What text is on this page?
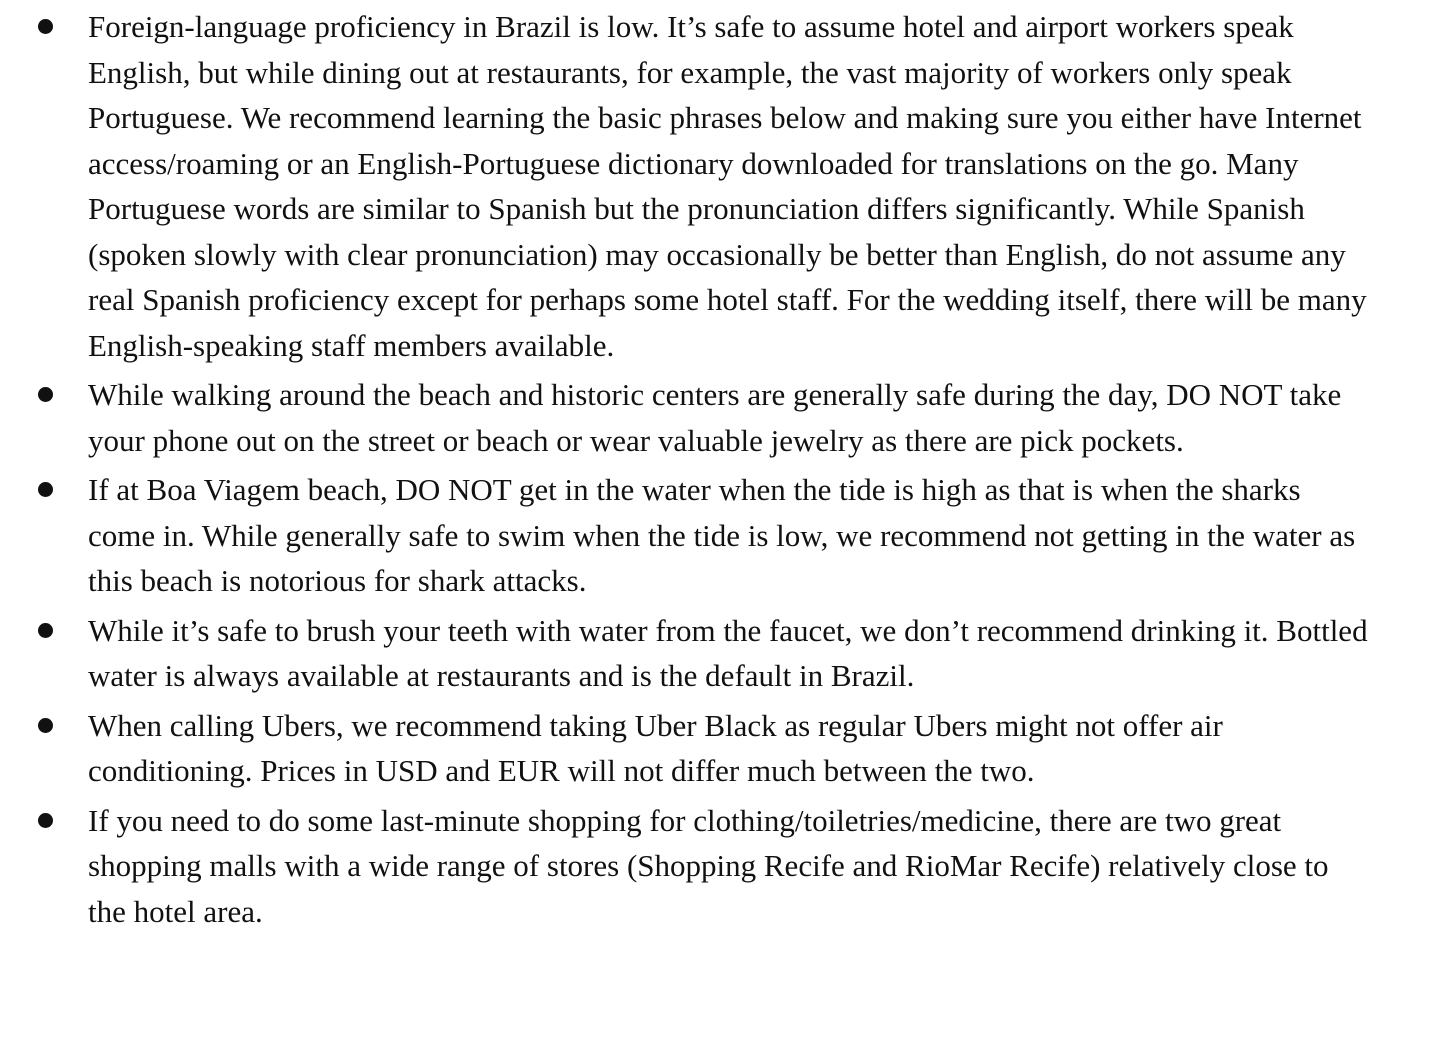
Foreign-language proficiency in Brazil is low. It’s safe to assume hotel and airport workers speak English, but while dining out at restaurants, for example, the vast majority of workers only speak Portuguese. We recommend learning the basic phrases below and making sure you either have Internet access/roaming or an English-Portuguese dictionary downloaded for translations on the go. Many Portuguese words are similar to Spanish but the pronunciation differs significantly. While Spanish (spoken slowly with clear pronunciation) may occasionally be better than English, do not assume any real Spanish proficiency except for perhaps some hotel staff. For the wedding itself, there will be many English-speaking staff members available.
While walking around the beach and historic centers are generally safe during the day, DO NOT take your phone out on the street or beach or wear valuable jewelry as there are pick pockets.
If at Boa Viagem beach, DO NOT get in the water when the tide is high as that is when the sharks come in. While generally safe to swim when the tide is low, we recommend not getting in the water as this beach is notorious for shark attacks.
While it’s safe to brush your teeth with water from the faucet, we don’t recommend drinking it. Bottled water is always available at restaurants and is the default in Brazil.
When calling Ubers, we recommend taking Uber Black as regular Ubers might not offer air conditioning. Prices in USD and EUR will not differ much between the two.
If you need to do some last-minute shopping for clothing/toiletries/medicine, there are two great shopping malls with a wide range of stores (Shopping Recife and RioMar Recife) relatively close to the hotel area.
